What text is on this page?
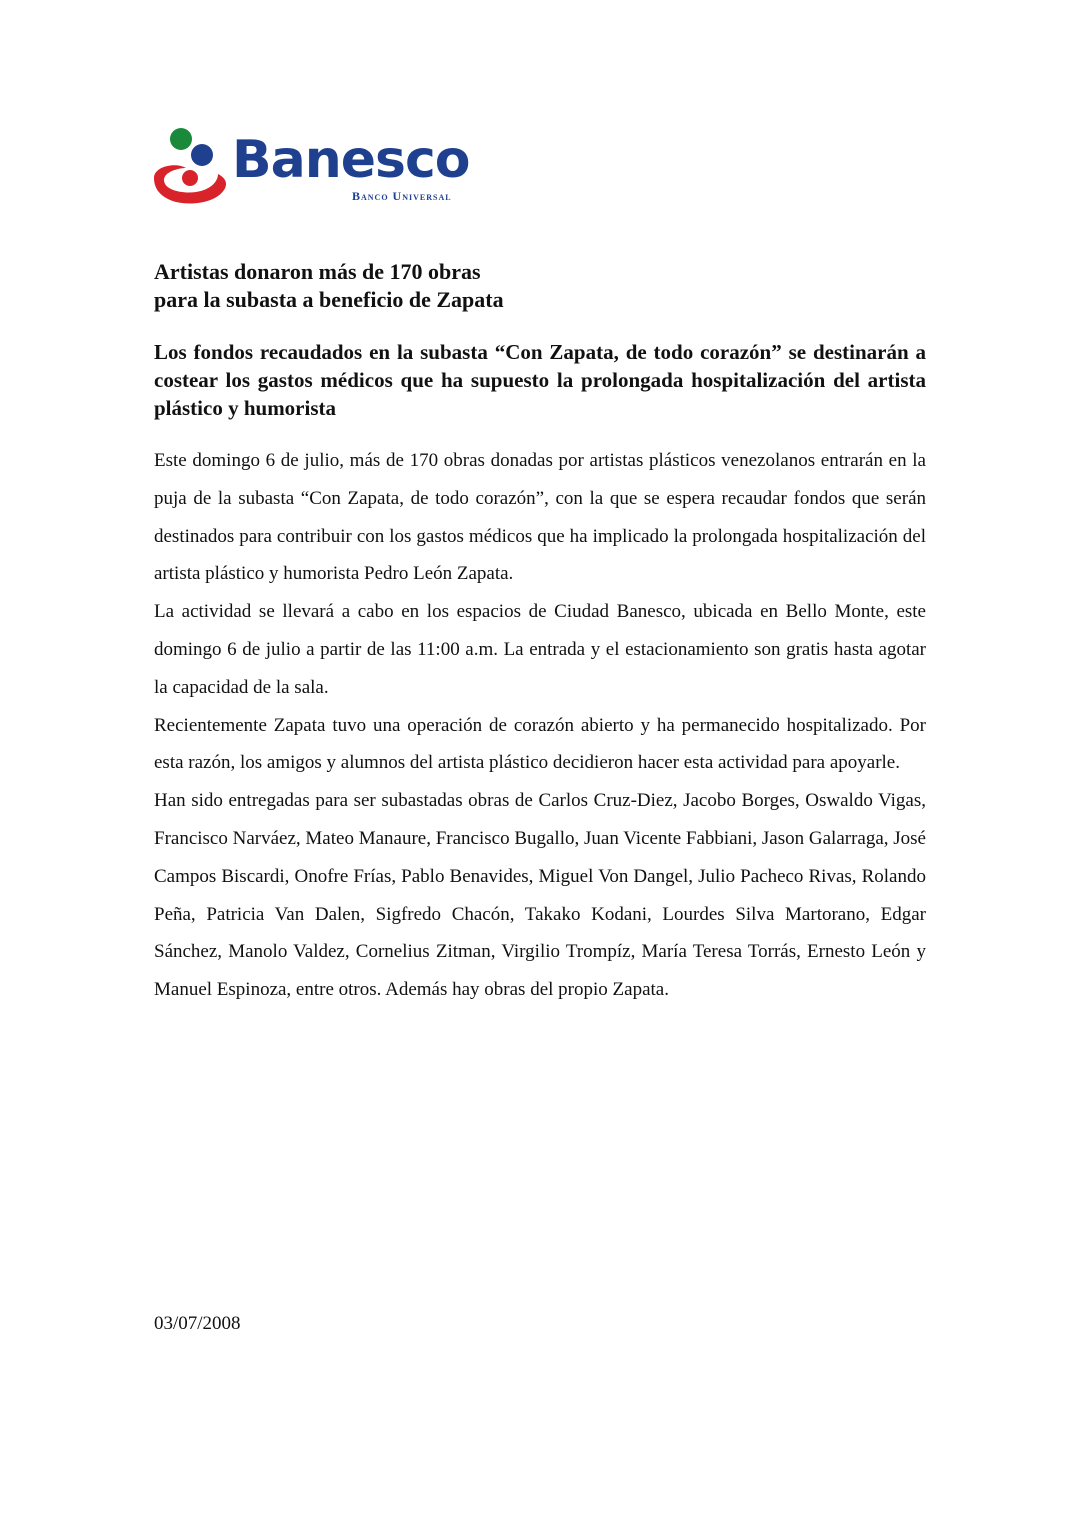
Banesco
Banco Universal
Artistas donaron más de 170 obras
para la subasta a beneficio de Zapata
Los fondos recaudados en la subasta “Con Zapata, de todo corazón” se destinarán a costear los gastos médicos que ha supuesto la prolongada hospitalización del artista plástico y humorista

Este domingo 6 de julio, más de 170 obras donadas por artistas plásticos venezolanos entrarán en la puja de la subasta “Con Zapata, de todo corazón”, con la que se espera recaudar fondos que serán destinados para contribuir con los gastos médicos que ha implicado la prolongada hospitalización del artista plástico y humorista Pedro León Zapata.

La actividad se llevará a cabo en los espacios de Ciudad Banesco, ubicada en Bello Monte, este domingo 6 de julio a partir de las 11:00 a.m. La entrada y el estacionamiento son gratis hasta agotar la capacidad de la sala.

Recientemente Zapata tuvo una operación de corazón abierto y ha permanecido hospitalizado. Por esta razón, los amigos y alumnos del artista plástico decidieron hacer esta actividad para apoyarle.

Han sido entregadas para ser subastadas obras de Carlos Cruz-Diez, Jacobo Borges, Oswaldo Vigas, Francisco Narváez, Mateo Manaure, Francisco Bugallo, Juan Vicente Fabbiani, Jason Galarraga, José Campos Biscardi, Onofre Frías, Pablo Benavides, Miguel Von Dangel, Julio Pacheco Rivas, Rolando Peña, Patricia Van Dalen, Sigfredo Chacón, Takako Kodani, Lourdes Silva Martorano, Edgar Sánchez, Manolo Valdez, Cornelius Zitman, Virgilio Trompíz, María Teresa Torrás, Ernesto León y Manuel Espinoza, entre otros. Además hay obras del propio Zapata.

03/07/2008
